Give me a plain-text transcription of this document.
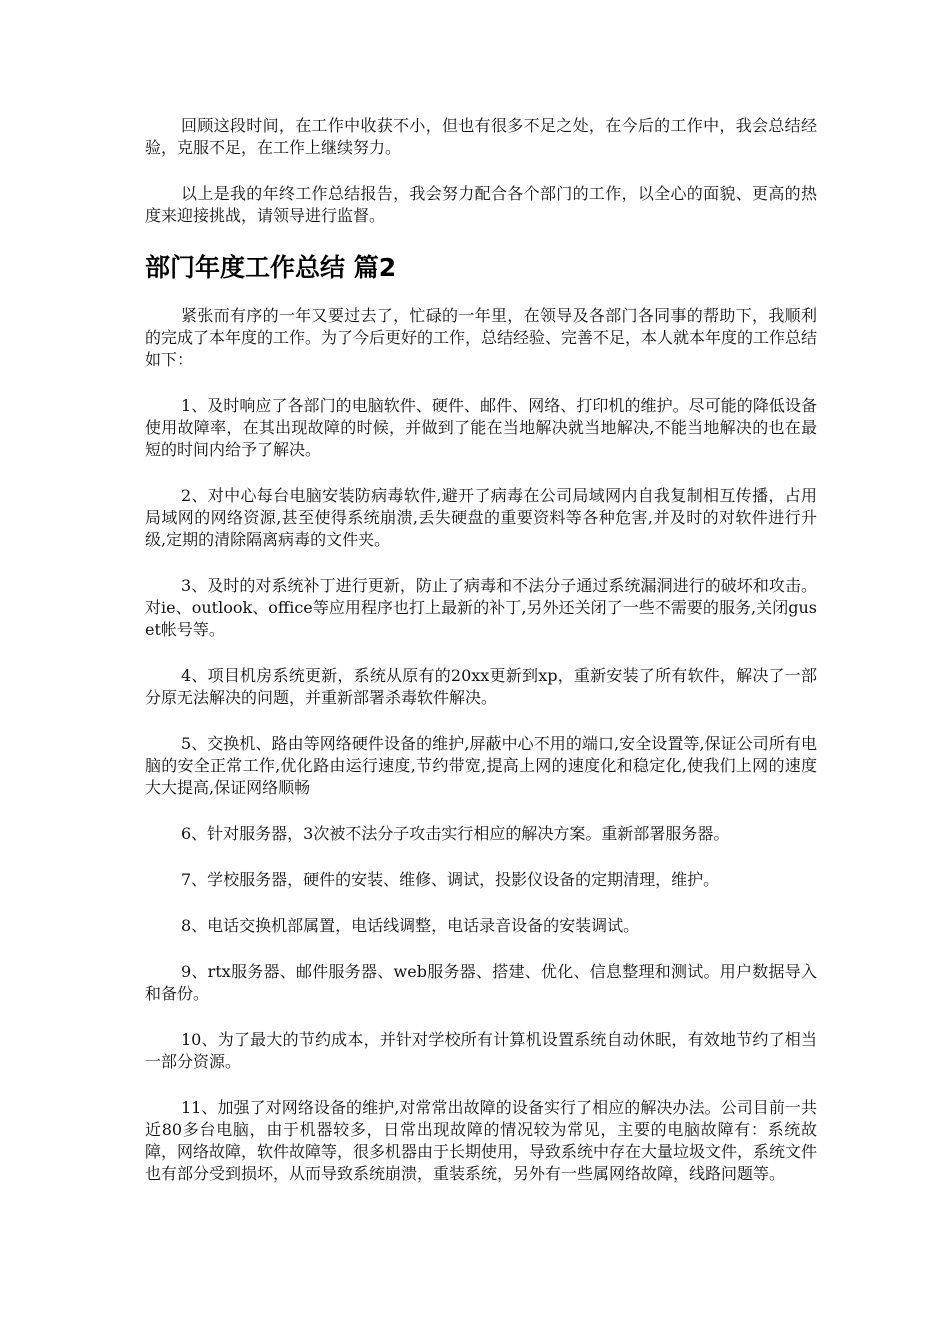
回顾这段时间，在工作中收获不小，但也有很多不足之处，在今后的工作中，我会总结经验，克服不足，在工作上继续努力。

以上是我的年终工作总结报告，我会努力配合各个部门的工作，以全心的面貌、更高的热度来迎接挑战，请领导进行监督。

部门年度工作总结 篇2

紧张而有序的一年又要过去了，忙碌的一年里，在领导及各部门各同事的帮助下，我顺利的完成了本年度的工作。为了今后更好的工作，总结经验、完善不足，本人就本年度的工作总结如下：

1、及时响应了各部门的电脑软件、硬件、邮件、网络、打印机的维护。尽可能的降低设备使用故障率，在其出现故障的时候，并做到了能在当地解决就当地解决,不能当地解决的也在最短的时间内给予了解决。

2、对中心每台电脑安装防病毒软件,避开了病毒在公司局域网内自我复制相互传播，占用局域网的网络资源,甚至使得系统崩溃,丢失硬盘的重要资料等各种危害,并及时的对软件进行升级,定期的清除隔离病毒的文件夹。

3、及时的对系统补丁进行更新，防止了病毒和不法分子通过系统漏洞进行的破坏和攻击。对ie、outlook、office等应用程序也打上最新的补丁,另外还关闭了一些不需要的服务,关闭guset帐号等。

4、项目机房系统更新，系统从原有的20xx更新到xp，重新安装了所有软件，解决了一部分原无法解决的问题，并重新部署杀毒软件解决。

5、交换机、路由等网络硬件设备的维护,屏蔽中心不用的端口,安全设置等,保证公司所有电脑的安全正常工作,优化路由运行速度,节约带宽,提高上网的速度化和稳定化,使我们上网的速度大大提高,保证网络顺畅

6、针对服务器，3次被不法分子攻击实行相应的解决方案。重新部署服务器。

7、学校服务器，硬件的安装、维修、调试，投影仪设备的定期清理，维护。

8、电话交换机部属置，电话线调整，电话录音设备的安装调试。

9、rtx服务器、邮件服务器、web服务器、搭建、优化、信息整理和测试。用户数据导入和备份。

10、为了最大的节约成本，并针对学校所有计算机设置系统自动休眠，有效地节约了相当一部分资源。

11、加强了对网络设备的维护,对常常出故障的设备实行了相应的解决办法。公司目前一共近80多台电脑，由于机器较多，日常出现故障的情况较为常见，主要的电脑故障有：系统故障，网络故障，软件故障等，很多机器由于长期使用，导致系统中存在大量垃圾文件，系统文件也有部分受到损坏，从而导致系统崩溃，重装系统，另外有一些属网络故障，线路问题等。
